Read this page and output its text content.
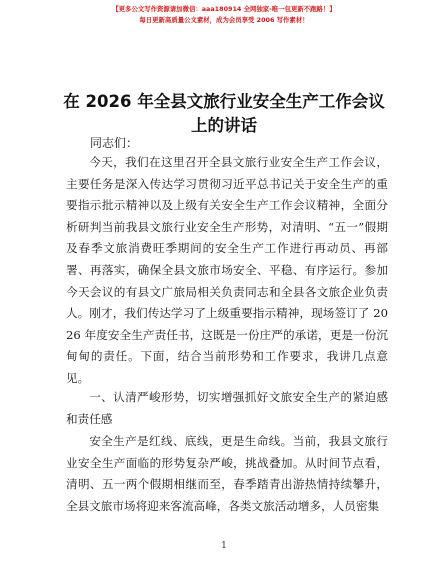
【更多公文写作资源请加微信：aaa180914 全网独家-唯一包更新不跑路！】
每日更新高质量公文素材，成为会员享受 2006 写作素材！
在 2026 年全县文旅行业安全生产工作会议上的讲话
同志们：

今天，我们在这里召开全县文旅行业安全生产工作会议，主要任务是深入传达学习贯彻习近平总书记关于安全生产的重要指示批示精神以及上级有关安全生产工作会议精神，全面分析研判当前我县文旅行业安全生产形势，对清明、“五一”假期及春季文旅消费旺季期间的安全生产工作进行再动员、再部署、再落实，确保全县文旅市场安全、平稳、有序运行。参加今天会议的有县文广旅局相关负责同志和全县各文旅企业负责人。刚才，我们传达学习了上级重要指示精神，现场签订了 2026 年度安全生产责任书，这既是一份庄严的承诺，更是一份沉甸甸的责任。下面，结合当前形势和工作要求，我讲几点意见。

一、认清严峻形势，切实增强抓好文旅安全生产的紧迫感和责任感

安全生产是红线、底线，更是生命线。当前，我县文旅行业安全生产面临的形势复杂严峻，挑战叠加。从时间节点看，清明、五一两个假期相继而至，春季踏青出游热情持续攀升，全县文旅市场将迎来客流高峰，各类文旅活动增多，人员密集

1
